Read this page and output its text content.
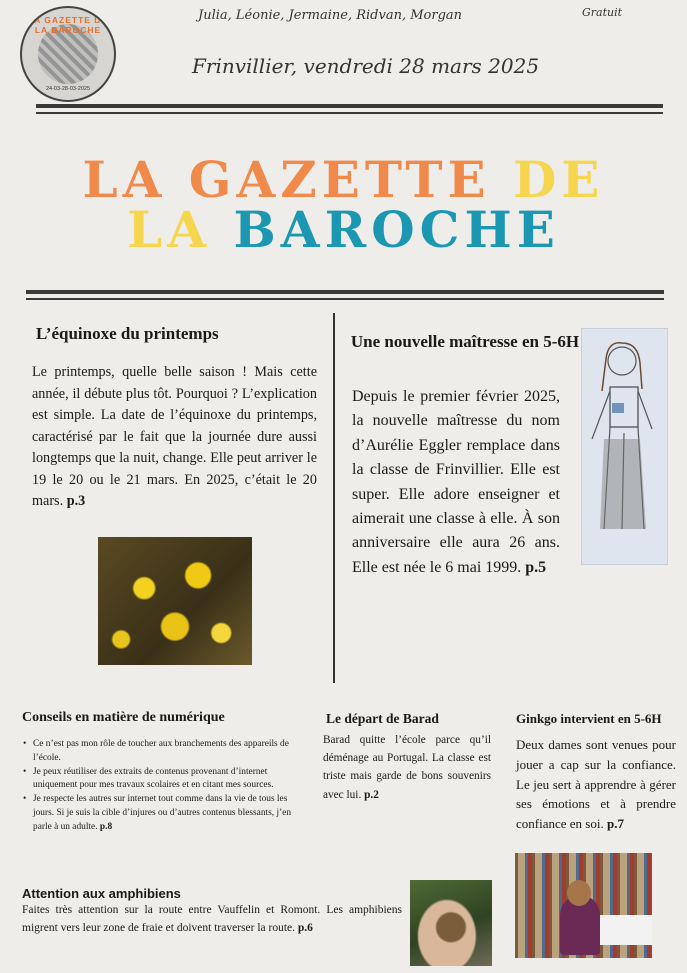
LA GAZETTE DE LA BAROCHE
24-03-28-03-2025
Julia, Léonie, Jermaine, Ridvan, Morgan	Gratuit
Frinvillier, vendredi 28 mars 2025
LA GAZETTE DE
LA BAROCHE
L’équinoxe du printemps
Le printemps, quelle belle saison ! Mais cette année, il débute plus tôt. Pourquoi ? L’explication est simple. La date de l’équinoxe du printemps, caractérisé par le fait que la journée dure aussi longtemps que la nuit, change. Elle peut arriver le 19 le 20 ou le 21 mars. En 2025, c’était le 20 mars. p.3
Une nouvelle maîtresse en 5-6H
Depuis le premier février 2025, la nouvelle maîtresse du nom d’Aurélie Eggler remplace dans la classe de Frinvillier. Elle est super. Elle adore enseigner et aimerait une classe à elle. À son anniversaire elle aura 26 ans. Elle est née le 6 mai 1999. p.5
Conseils en matière de numérique
• Ce n’est pas mon rôle de toucher aux branchements des appareils de l’école.
• Je peux réutiliser des extraits de contenus provenant d’internet uniquement pour mes travaux scolaires et en citant mes sources.
• Je respecte les autres sur internet tout comme dans la vie de tous les jours. Si je suis la cible d’injures ou d’autres contenus blessants, j’en parle à un adulte. p.8
Le départ de Barad
Barad quitte l’école parce qu’il déménage au Portugal. La classe est triste mais garde de bons souvenirs avec lui. p.2
Ginkgo intervient en 5-6H
Deux dames sont venues pour jouer a cap sur la confiance. Le jeu sert à apprendre à gérer ses émotions et à prendre confiance en soi. p.7
Attention aux amphibiens
Faites très attention sur la route entre Vauffelin et Romont. Les amphibiens migrent vers leur zone de fraie et doivent traverser la route. p.6
